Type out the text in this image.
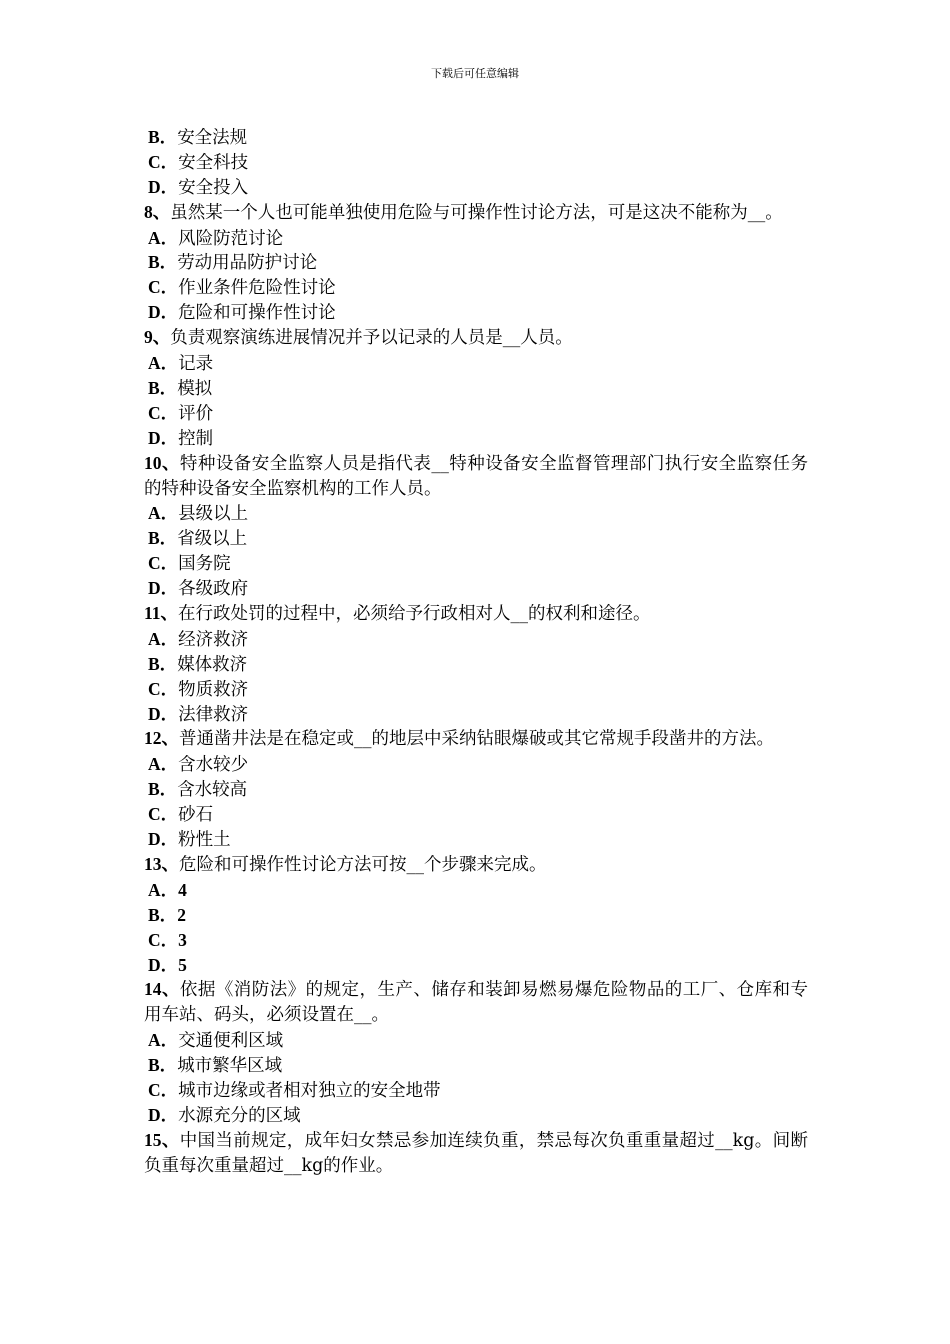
下载后可任意编辑
B．安全法规
C．安全科技
D．安全投入
8、虽然某一个人也可能单独使用危险与可操作性讨论方法，可是这决不能称为__。
A．风险防范讨论
B．劳动用品防护讨论
C．作业条件危险性讨论
D．危险和可操作性讨论
9、负责观察演练进展情况并予以记录的人员是__人员。
A．记录
B．模拟
C．评价
D．控制
10、特种设备安全监察人员是指代表__特种设备安全监督管理部门执行安全监察任务的特种设备安全监察机构的工作人员。
A．县级以上
B．省级以上
C．国务院
D．各级政府
11、在行政处罚的过程中，必须给予行政相对人__的权利和途径。
A．经济救济
B．媒体救济
C．物质救济
D．法律救济
12、普通凿井法是在稳定或__的地层中采纳钻眼爆破或其它常规手段凿井的方法。
A．含水较少
B．含水较高
C．砂石
D．粉性土
13、危险和可操作性讨论方法可按__个步骤来完成。
A．4
B．2
C．3
D．5
14、依据《消防法》的规定，生产、储存和装卸易燃易爆危险物品的工厂、仓库和专用车站、码头，必须设置在__。
A．交通便利区域
B．城市繁华区域
C．城市边缘或者相对独立的安全地带
D．水源充分的区域
15、中国当前规定，成年妇女禁忌参加连续负重，禁忌每次负重重量超过__kg。间断负重每次重量超过__kg的作业。
